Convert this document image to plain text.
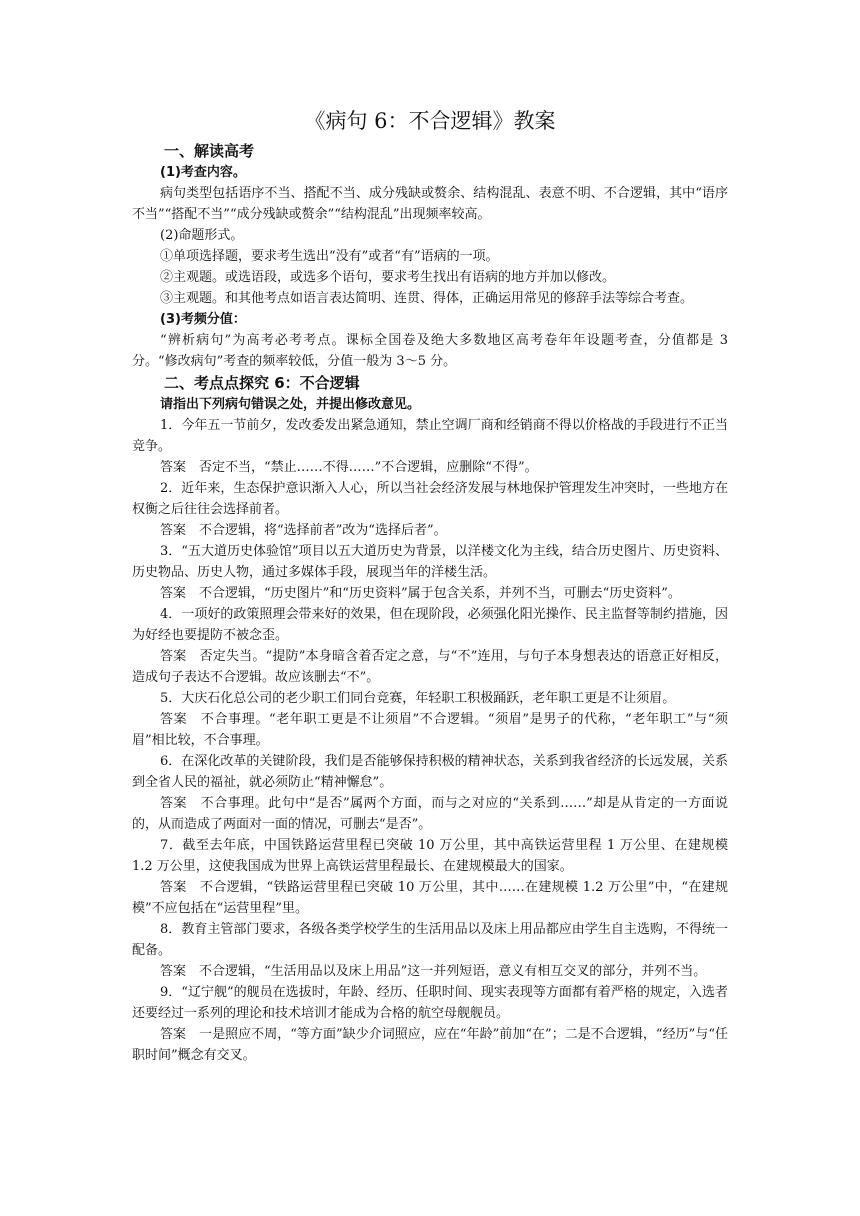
《病句 6：不合逻辑》教案
一、解读高考
(1)考查内容。

病句类型包括语序不当、搭配不当、成分残缺或赘余、结构混乱、表意不明、不合逻辑，其中“语序不当”“搭配不当”“成分残缺或赘余”“结构混乱”出现频率较高。

(2)命题形式。

①单项选择题，要求考生选出“没有”或者“有”语病的一项。

②主观题。或选语段，或选多个语句，要求考生找出有语病的地方并加以修改。

③主观题。和其他考点如语言表达简明、连贯、得体，正确运用常见的修辞手法等综合考查。

(3)考频分值：

“辨析病句”为高考必考考点。课标全国卷及绝大多数地区高考卷年年设题考查，分值都是 3 分。“修改病句”考查的频率较低，分值一般为 3～5 分。

二、考点点探究 6：不合逻辑
请指出下列病句错误之处，并提出修改意见。

1．今年五一节前夕，发改委发出紧急通知，禁止空调厂商和经销商不得以价格战的手段进行不正当竞争。

答案　否定不当，“禁止……不得……”不合逻辑，应删除“不得”。

2．近年来，生态保护意识渐入人心，所以当社会经济发展与林地保护管理发生冲突时，一些地方在权衡之后往往会选择前者。

答案　不合逻辑，将“选择前者”改为“选择后者”。

3．“五大道历史体验馆”项目以五大道历史为背景，以洋楼文化为主线，结合历史图片、历史资料、历史物品、历史人物，通过多媒体手段，展现当年的洋楼生活。

答案　不合逻辑，“历史图片”和“历史资料”属于包含关系，并列不当，可删去“历史资料”。

4．一项好的政策照理会带来好的效果，但在现阶段，必须强化阳光操作、民主监督等制约措施，因为好经也要提防不被念歪。

答案　否定失当。“提防”本身暗含着否定之意，与“不”连用，与句子本身想表达的语意正好相反，造成句子表达不合逻辑。故应该删去“不”。

5．大庆石化总公司的老少职工们同台竞赛，年轻职工积极踊跃，老年职工更是不让须眉。

答案　不合事理。“老年职工更是不让须眉”不合逻辑。“须眉”是男子的代称，“老年职工”与“须眉”相比较，不合事理。

6．在深化改革的关键阶段，我们是否能够保持积极的精神状态，关系到我省经济的长远发展，关系到全省人民的福祉，就必须防止“精神懈怠”。

答案　不合事理。此句中“是否”属两个方面，而与之对应的“关系到……”却是从肯定的一方面说的，从而造成了两面对一面的情况，可删去“是否”。

7．截至去年底，中国铁路运营里程已突破 10 万公里，其中高铁运营里程 1 万公里、在建规模 1.2 万公里，这使我国成为世界上高铁运营里程最长、在建规模最大的国家。

答案　不合逻辑，“铁路运营里程已突破 10 万公里，其中……在建规模 1.2 万公里”中，“在建规模”不应包括在“运营里程”里。

8．教育主管部门要求，各级各类学校学生的生活用品以及床上用品都应由学生自主选购，不得统一配备。

答案　不合逻辑，“生活用品以及床上用品”这一并列短语，意义有相互交叉的部分，并列不当。

9．“辽宁舰”的舰员在选拔时，年龄、经历、任职时间、现实表现等方面都有着严格的规定，入选者还要经过一系列的理论和技术培训才能成为合格的航空母舰舰员。

答案　一是照应不周，“等方面”缺少介词照应，应在“年龄”前加“在”；二是不合逻辑，“经历”与“任职时间”概念有交叉。
